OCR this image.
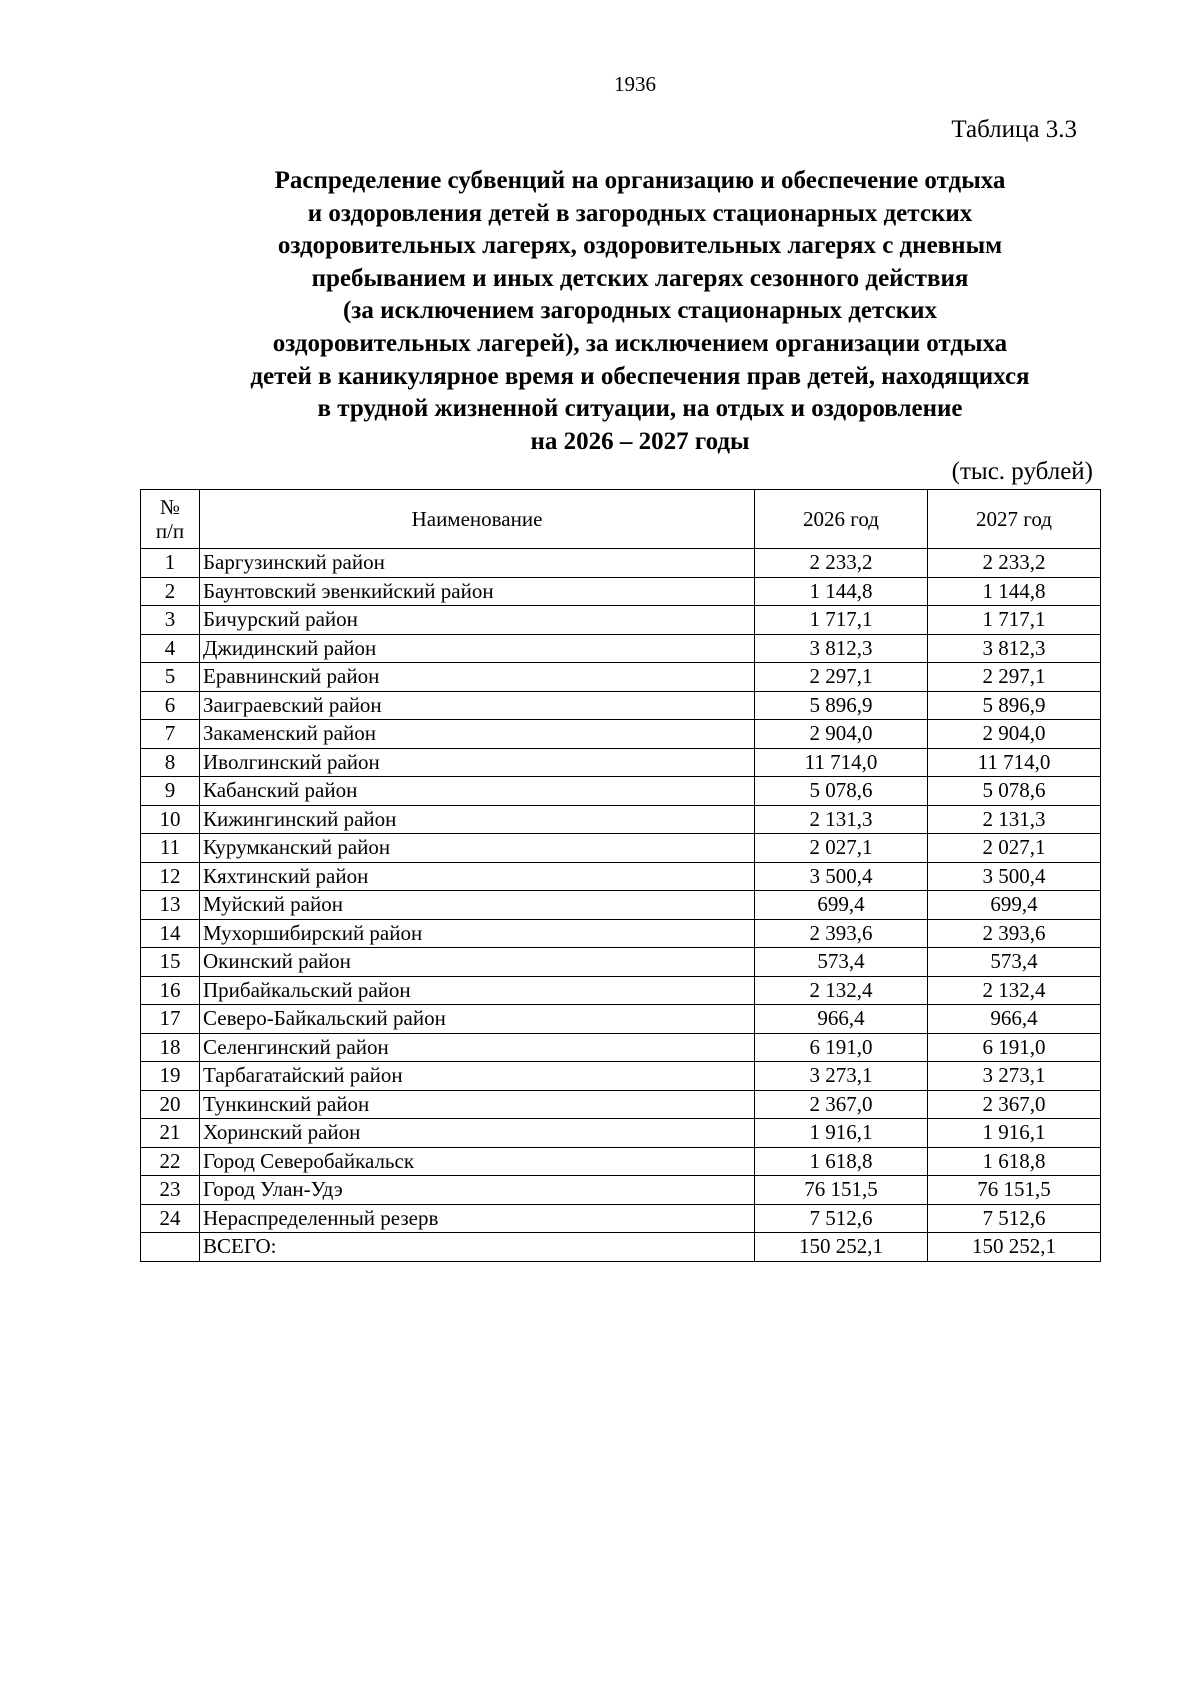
1936
Таблица 3.3
Распределение субвенций на организацию и обеспечение отдыха
и оздоровления детей в загородных стационарных детских
оздоровительных лагерях, оздоровительных лагерях с дневным
пребыванием и иных детских лагерях сезонного действия
(за исключением загородных стационарных детских
оздоровительных лагерей), за исключением организации отдыха
детей в каникулярное время и обеспечения прав детей, находящихся
в трудной жизненной ситуации, на отдых и оздоровление
на 2026 – 2027 годы
(тыс. рублей)
№
п/п	Наименование	2026 год	2027 год
1	Баргузинский район	2 233,2	2 233,2
2	Баунтовский эвенкийский район	1 144,8	1 144,8
3	Бичурский район	1 717,1	1 717,1
4	Джидинский район	3 812,3	3 812,3
5	Еравнинский район	2 297,1	2 297,1
6	Заиграевский район	5 896,9	5 896,9
7	Закаменский район	2 904,0	2 904,0
8	Иволгинский район	11 714,0	11 714,0
9	Кабанский район	5 078,6	5 078,6
10	Кижингинский район	2 131,3	2 131,3
11	Курумканский район	2 027,1	2 027,1
12	Кяхтинский район	3 500,4	3 500,4
13	Муйский район	699,4	699,4
14	Мухоршибирский район	2 393,6	2 393,6
15	Окинский район	573,4	573,4
16	Прибайкальский район	2 132,4	2 132,4
17	Северо-Байкальский район	966,4	966,4
18	Селенгинский район	6 191,0	6 191,0
19	Тарбагатайский район	3 273,1	3 273,1
20	Тункинский район	2 367,0	2 367,0
21	Хоринский район	1 916,1	1 916,1
22	Город Северобайкальск	1 618,8	1 618,8
23	Город Улан-Удэ	76 151,5	76 151,5
24	Нераспределенный резерв	7 512,6	7 512,6
	ВСЕГО:	150 252,1	150 252,1
